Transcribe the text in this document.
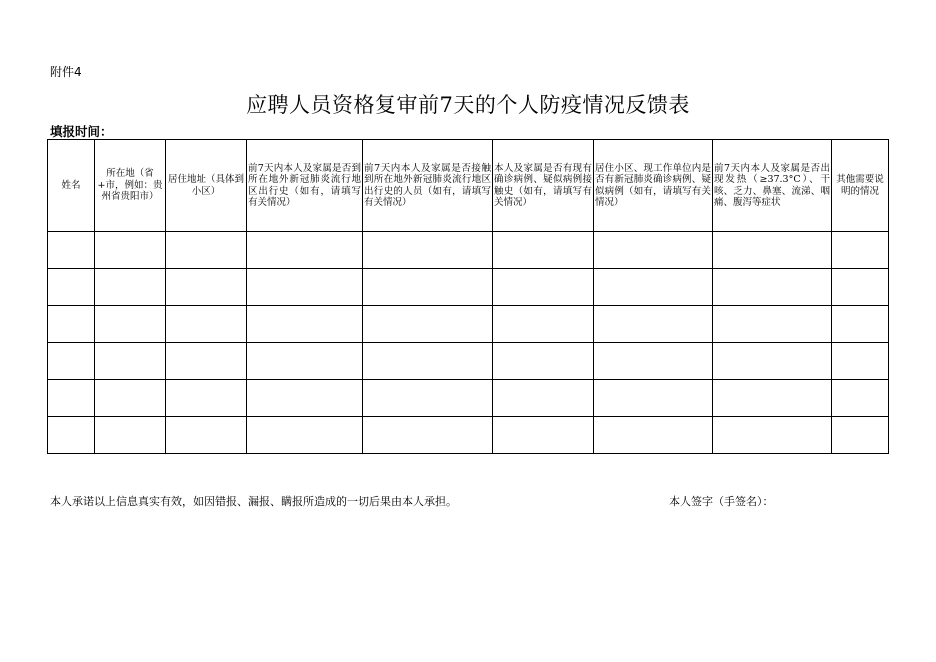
附件4
应聘人员资格复审前7天的个人防疫情况反馈表
填报时间：
姓名	所在地（省+市，例如：贵州省贵阳市）	居住地址（具体到小区）	前7天内本人及家属是否到所在地外新冠肺炎流行地区出行史（如有，请填写有关情况）	前7天内本人及家属是否接触到所在地外新冠肺炎流行地区出行史的人员（如有，请填写有关情况）	本人及家属是否有现有确诊病例、疑似病例接触史（如有，请填写有关情况）	居住小区、现工作单位内是否有新冠肺炎确诊病例、疑似病例（如有，请填写有关情况）	前7天内本人及家属是否出现发热（≥37.3°C）、干咳、乏力、鼻塞、流涕、咽痛、腹泻等症状	其他需要说明的情况

本人承诺以上信息真实有效，如因错报、漏报、瞒报所造成的一切后果由本人承担。	本人签字（手签名）：
